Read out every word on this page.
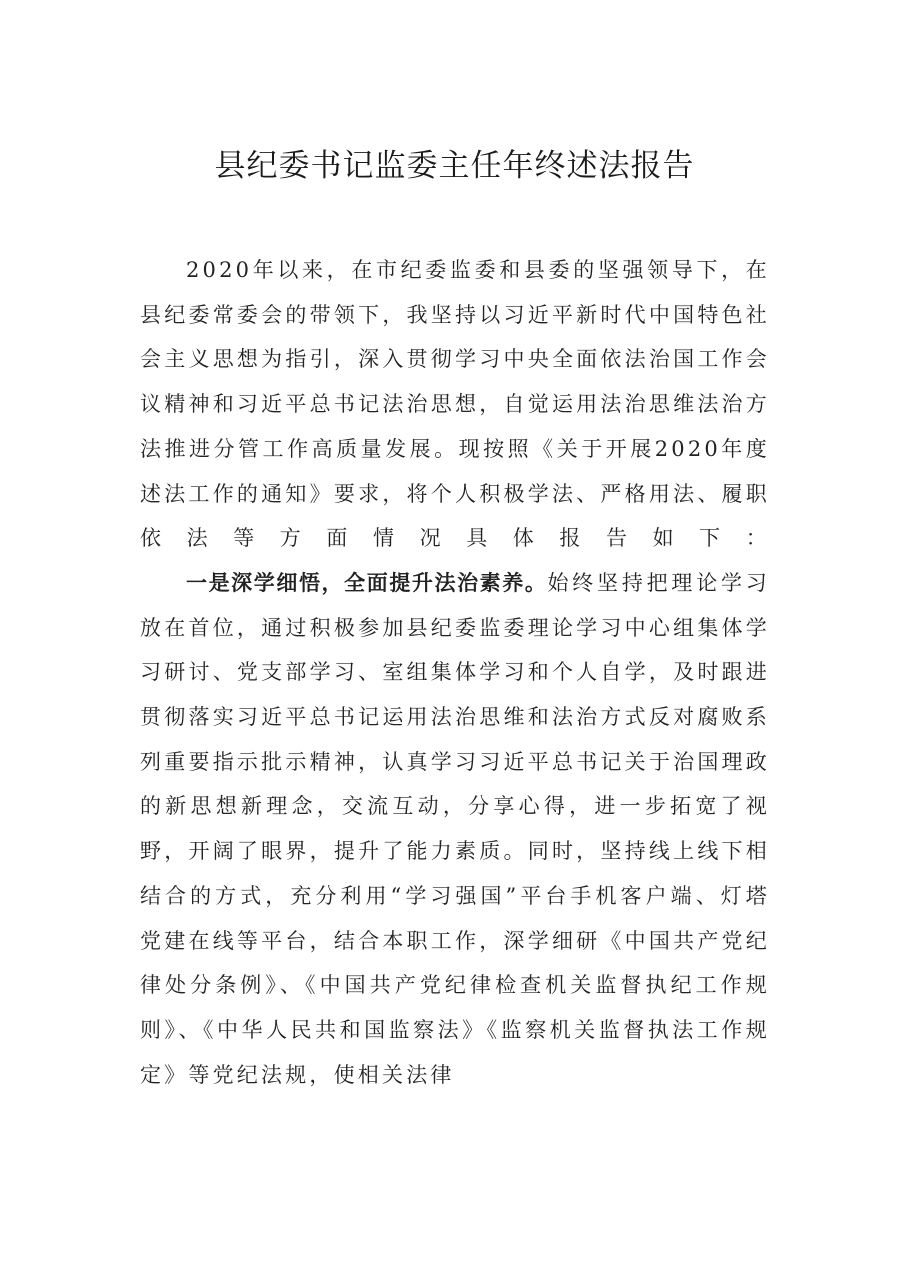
县纪委书记监委主任年终述法报告

2020年以来，在市纪委监委和县委的坚强领导下，在县纪委常委会的带领下，我坚持以习近平新时代中国特色社会主义思想为指引，深入贯彻学习中央全面依法治国工作会议精神和习近平总书记法治思想，自觉运用法治思维法治方法推进分管工作高质量发展。现按照《关于开展2020年度述法工作的通知》要求，将个人积极学法、严格用法、履职依法等方面情况具体报告如下：

一是深学细悟，全面提升法治素养。始终坚持把理论学习放在首位，通过积极参加县纪委监委理论学习中心组集体学习研讨、党支部学习、室组集体学习和个人自学，及时跟进贯彻落实习近平总书记运用法治思维和法治方式反对腐败系列重要指示批示精神，认真学习习近平总书记关于治国理政的新思想新理念，交流互动，分享心得，进一步拓宽了视野，开阔了眼界，提升了能力素质。同时，坚持线上线下相结合的方式，充分利用“学习强国”平台手机客户端、灯塔党建在线等平台，结合本职工作，深学细研《中国共产党纪律处分条例》、《中国共产党纪律检查机关监督执纪工作规则》、《中华人民共和国监察法》《监察机关监督执法工作规定》等党纪法规，使相关法律
